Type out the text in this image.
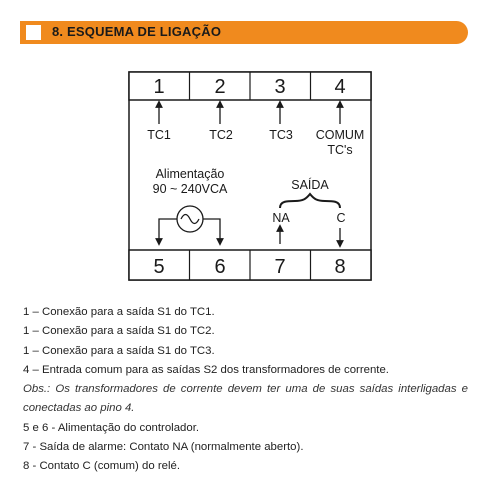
8. ESQUEMA DE LIGAÇÃO
1 2 3 4
5 6 7 8
TC1	TC2	TC3 COMUM
TC's
Alimentação
90 ~ 240VCA	SAÍDA
NA	C
1 – Conexão para a saída S1 do TC1.
1 – Conexão para a saída S1 do TC2.
1 – Conexão para a saída S1 do TC3.
4 – Entrada comum para as saídas S2 dos transformadores de corrente.
Obs.: Os transformadores de corrente devem ter uma de suas saídas interligadas e conectadas ao pino 4.
5 e 6 - Alimentação do controlador.
7 - Saída de alarme: Contato NA (normalmente aberto).
8 - Contato C (comum) do relé.
